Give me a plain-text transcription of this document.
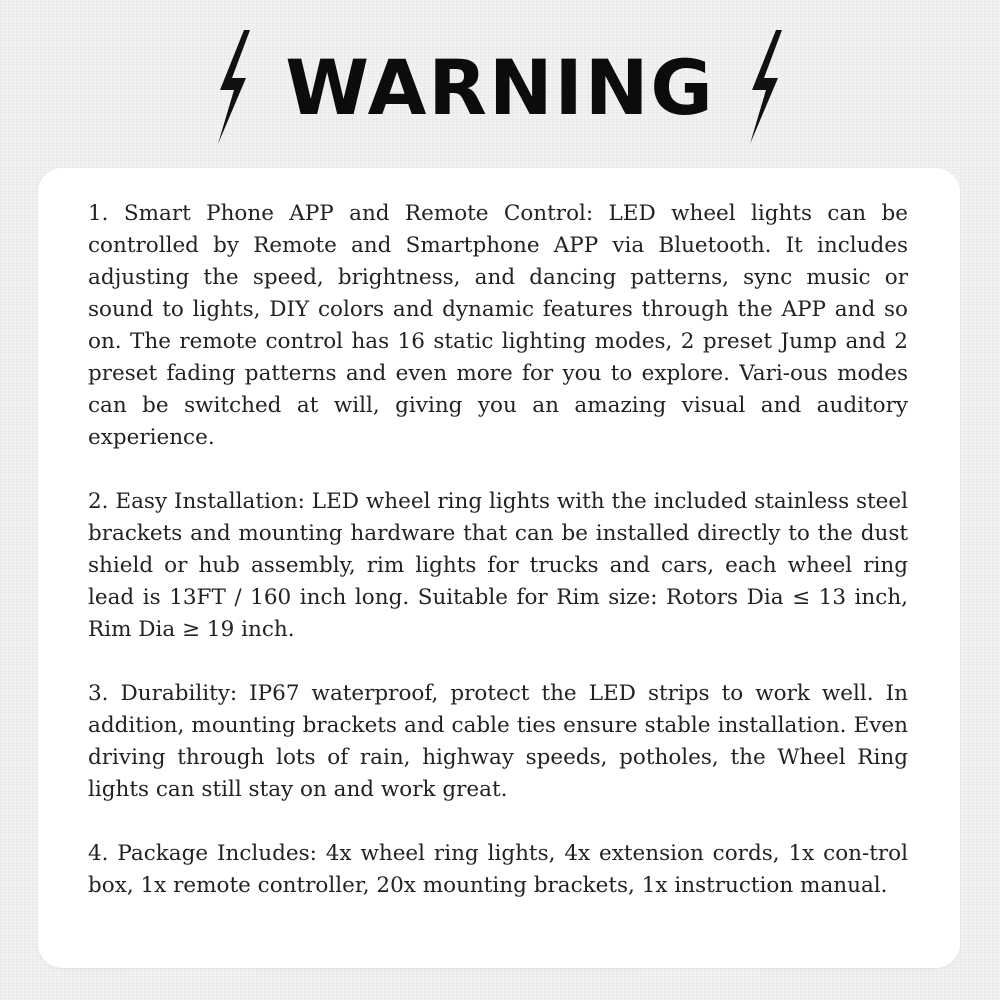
WARNING

1. Smart Phone APP and Remote Control: LED wheel lights can be controlled by Remote and Smartphone APP via Bluetooth. It includes adjusting the speed, brightness, and dancing patterns, sync music or sound to lights, DIY colors and dynamic features through the APP and so on. The remote control has 16 static lighting modes, 2 preset Jump and 2 preset fading patterns and even more for you to explore. Vari-ous modes can be switched at will, giving you an amazing visual and auditory experience.

2. Easy Installation: LED wheel ring lights with the included stainless steel brackets and mounting hardware that can be installed directly to the dust shield or hub assembly, rim lights for trucks and cars, each wheel ring lead is 13FT / 160 inch long. Suitable for Rim size: Rotors Dia ≤ 13 inch, Rim Dia ≥ 19 inch.

3. Durability: IP67 waterproof, protect the LED strips to work well. In addition, mounting brackets and cable ties ensure stable installation. Even driving through lots of rain, highway speeds, potholes, the Wheel Ring lights can still stay on and work great.

4. Package Includes: 4x wheel ring lights, 4x extension cords, 1x con-trol box, 1x remote controller, 20x mounting brackets, 1x instruction manual.
